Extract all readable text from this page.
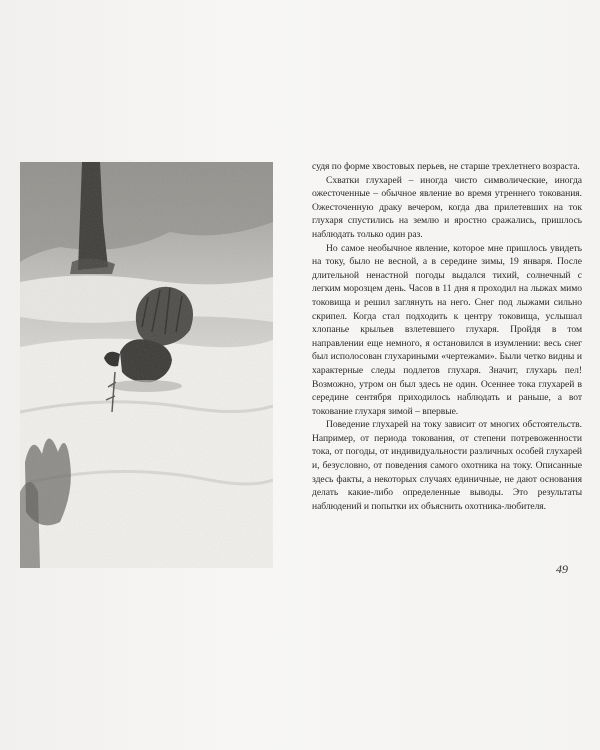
судя по форме хвостовых перьев, не старше трехлетнего возраста.

Схватки глухарей – иногда чисто символические, иногда ожесточенные – обычное явление во время утреннего токования. Ожесточенную драку вечером, когда два прилетевших на ток глухаря спустились на землю и яростно сражались, пришлось наблюдать только один раз.

Но самое необычное явление, которое мне пришлось увидеть на току, было не весной, а в середине зимы, 19 января. После длительной ненастной погоды выдался тихий, солнечный с легким морозцем день. Часов в 11 дня я проходил на лыжах мимо токовища и решил заглянуть на него. Снег под лыжами сильно скрипел. Когда стал подходить к центру токовища, услышал хлопанье крыльев взлетевшего глухаря. Пройдя в том направлении еще немного, я остановился в изумлении: весь снег был исполосован глухариными «чертежами». Были четко видны и характерные следы подлетов глухаря. Значит, глухарь пел! Возможно, утром он был здесь не один. Осеннее тока глухарей в середине сентября приходилось наблюдать и раньше, а вот токование глухаря зимой – впервые.

Поведение глухарей на току зависит от многих обстоятельств. Например, от периода токования, от степени потревоженности тока, от погоды, от индивидуальности различных особей глухарей и, безусловно, от поведения самого охотника на току. Описанные здесь факты, а некоторых случаях единичные, не дают основания делать какие-либо определенные выводы. Это результаты наблюдений и попытки их объяснить охотника-любителя.

49
